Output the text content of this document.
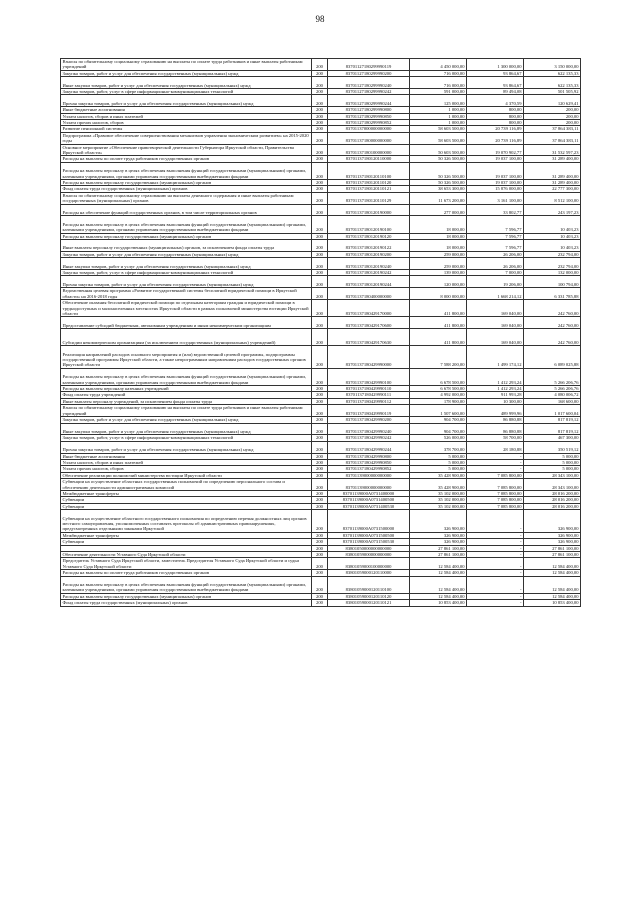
98
Взносы по обязательному социальному страхованию на выплаты по оплате труда работников и иные выплаты работникам учреждений	200	83701127180299990119	4 450 000,00	1 300 000,00	3 150 000,00
Закупка товаров, работ и услуг для обеспечения государственных (муниципальных) нужд	200	83701127180299990200	716 000,00	93 864,67	622 135,33
Иные закупки товаров, работ и услуг для обеспечения государственных (муниципальных) нужд	200	83701127180299990240	716 000,00	93 864,67	622 135,33
Закупка товаров, работ, услуг в сфере информационно-коммуникационных технологий	200	83701127180299990242	591 000,00	89 494,08	501 505,92
Прочая закупка товаров, работ и услуг для обеспечения государственных (муниципальных) нужд	200	83701127180299990244	125 000,00	4 370,59	120 629,41
Иные бюджетные ассигнования	200	83701127180299990800	1 000,00	800,00	200,00
Уплата налогов, сборов и иных платежей	200	83701127180299990850	1 000,00	800,00	200,00
Уплата прочих налогов, сборов	200	83701127180299990852	1 000,00	800,00	200,00
Развитие пенсионной системы	200	83701137000000000000	58 603 500,00	20 739 116,89	37 864 383,11
Подпрограмма «Правовое обеспечение совершенствования механизмов управления экономическим развитием» на 2015-2020 годы	200	83701137180000000000	58 603 500,00	20 739 116,89	37 864 383,11
Основное мероприятие «Обеспечение правотворческой деятельности Губернатора Иркутской области, Правительства Иркутской области»	200	83701137180100000000	50 603 500,00	19 070 902,77	31 532 597,23
Расходы на выплаты по оплате труда работников государственных органов	200	83701137180120110000	50 326 500,00	19 037 100,00	31 289 400,00
Расходы на выплаты персоналу в целях обеспечения выполнения функций государственными (муниципальными) органами, казенными учреждениями, органами управления государственными внебюджетными фондами	200	83701137180120110100	50 326 500,00	19 037 100,00	31 289 400,00
Расходы на выплаты персоналу государственных (муниципальных) органов	200	83701137180120110120	50 326 500,00	19 037 100,00	31 289 400,00
Фонд оплаты труда государственных (муниципальных) органов	200	83701137180120110121	38 653 300,00	15 876 000,00	22 777 300,00
Взносы по обязательному социальному страхованию на выплаты денежного содержания и иные выплаты работникам государственных (муниципальных) органов	200	83701137180120110129	11 673 200,00	3 161 100,00	8 512 100,00
Расходы на обеспечение функций государственных органов, в том числе территориальных органов	200	83701137180120190000	277 000,00	33 802,77	243 197,23
Расходы на выплаты персоналу в целях обеспечения выполнения функций государственными (муниципальными) органами, казенными учреждениями, органами управления государственными внебюджетными фондами	200	83701137180120190100	18 000,00	7 596,77	10 403,23
Расходы на выплаты персоналу государственных (муниципальных) органов	200	83701137180120190120	18 000,00	7 596,77	10 403,23
Иные выплаты персоналу государственных (муниципальных) органов, за исключением фонда оплаты труда	200	83701137180120190122	18 000,00	7 596,77	10 403,23
Закупка товаров, работ и услуг для обеспечения государственных (муниципальных) нужд	200	83701137180120190200	259 000,00	26 206,00	232 794,00
Иные закупки товаров, работ и услуг для обеспечения государственных (муниципальных) нужд	200	83701137180120190240	259 000,00	26 206,00	232 794,00
Закупка товаров, работ, услуг в сфере информационно-коммуникационных технологий	200	83701137180120190242	139 000,00	7 000,00	132 000,00
Прочая закупка товаров, работ и услуг для обеспечения государственных (муниципальных) нужд	200	83701137180120190244	120 000,00	19 206,00	100 794,00
Ведомственная целевая программа «Развитие государственной системы бесплатной юридической помощи в Иркутской области» на 2016-2018 годы	200	83701137180400000000	8 000 000,00	1 668 214,12	6 331 785,88
Обеспечение оказания бесплатной юридической помощи по отдельным категориям граждан и юридической помощи в труднодоступных и малонаселенных местностях Иркутской области в рамках полномочий министерства юстиции Иркутской области	200	83701137180429170000	411 800,00	169 040,00	242 760,00
Предоставление субсидий бюджетным, автономным учреждениям и иным некоммерческим организациям	200	83701137180429170600	411 800,00	169 040,00	242 760,00
Субсидии некоммерческим организациям (за исключением государственных (муниципальных) учреждений)	200	83701137180429170630	411 800,00	169 040,00	242 760,00
Реализация направлений расходов основного мероприятия и (или) ведомственной целевой программы, подпрограммы государственной программы Иркутской области, а также непрограммным направлениям расходов государственных органов Иркутской области	200	83701137180429990000	7 588 200,00	1 499 174,12	6 089 025,88
Расходы на выплаты персоналу в целях обеспечения выполнения функций государственными (муниципальными) органами, казенными учреждениями, органами управления государственными внебюджетными фондами	200	83701137180429990100	6 678 500,00	1 412 293,24	5 266 206,76
Расходы на выплаты персоналу казенных учреждений	200	83701137180429990110	6 678 500,00	1 412 293,24	5 266 206,76
Фонд оплаты труда учреждений	200	83701137180429990111	4 992 000,00	911 993,28	4 080 006,72
Иные выплаты персоналу учреждений, за исключением фонда оплаты труда	200	83701137180429990112	178 900,00	10 300,00	168 600,00
Взносы по обязательному социальному страхованию на выплаты по оплате труда работников и иные выплаты работникам учреждений	200	83701137180429990119	1 507 600,00	489 999,96	1 017 600,04
Закупка товаров, работ и услуг для обеспечения государственных (муниципальных) нужд	200	83701137180429990200	904 700,00	86 880,88	817 819,12
Иные закупки товаров, работ и услуг для обеспечения государственных (муниципальных) нужд	200	83701137180429990240	904 700,00	86 880,88	817 819,12
Закупка товаров, работ, услуг в сфере информационно-коммуникационных технологий	200	83701137180429990242	526 000,00	58 700,00	467 300,00
Прочая закупка товаров, работ и услуг для обеспечения государственных (муниципальных) нужд	200	83701137180429990244	378 700,00	28 180,88	350 519,12
Иные бюджетные ассигнования	200	83701137180429990800	5 000,00	-	5 000,00
Уплата налогов, сборов и иных платежей	200	83701137180429990850	5 000,00	-	5 000,00
Уплата прочих налогов, сборов	200	83701137180429990852	5 000,00	-	5 000,00
Обеспечение реализации полномочий министерства юстиции Иркутской области	200	83701139000000000000	35 428 900,00	7 085 800,00	28 343 100,00
Субвенции на осуществление областных государственных полномочий по определению персонального состава и обеспечению деятельности административных комиссий	200	83701139000000000000	35 428 900,00	7 085 800,00	28 343 100,00
Межбюджетные трансферты	200	83701139000А0731400000	35 102 000,00	7 085 800,00	28 016 200,00
Субвенции	200	83701139000А0731400500	35 102 000,00	7 085 800,00	28 016 200,00
Субвенции	200	83701139000А0731400530	35 102 000,00	7 085 800,00	28 016 200,00
Субвенции на осуществление областного государственного полномочия по определению перечня должностных лиц органов местного самоуправления, уполномоченных составлять протоколы об административных правонарушениях, предусмотренных отдельными законами Иркутской	200	83701139000А0731500000	326 900,00	-	326 900,00
Межбюджетные трансферты	200	83701139000А0731500500	326 900,00	-	326 900,00
Субвенции	200	83701139000А0731500530	326 900,00	-	326 900,00
	200	83801050000000000000	27 861 100,00	-	27 861 100,00
Обеспечение деятельности Уставного Суда Иркутской области	200	83801059000000000000	27 861 100,00	-	27 861 100,00
Председатель Уставного Суда Иркутской области, заместитель Председателя Уставного Суда Иркутской области и судьи Уставного Суда Иркутской области	200	83801059000100000000	12 584 400,00	-	12 584 400,00
Расходы на выплаты по оплате труда работников государственных органов	200	83801059000120110000	12 584 400,00	-	12 584 400,00
Расходы на выплаты персоналу в целях обеспечения выполнения функций государственными (муниципальными) органами, казенными учреждениями, органами управления государственными внебюджетными фондами	200	83801059000120110100	12 584 400,00	-	12 584 400,00
Расходы на выплаты персоналу государственных (муниципальных) органов	200	83801059000120110120	12 584 400,00	-	12 584 400,00
Фонд оплаты труда государственных (муниципальных) органов	200	83801059000120110121	10 853 400,00	-	10 853 400,00
